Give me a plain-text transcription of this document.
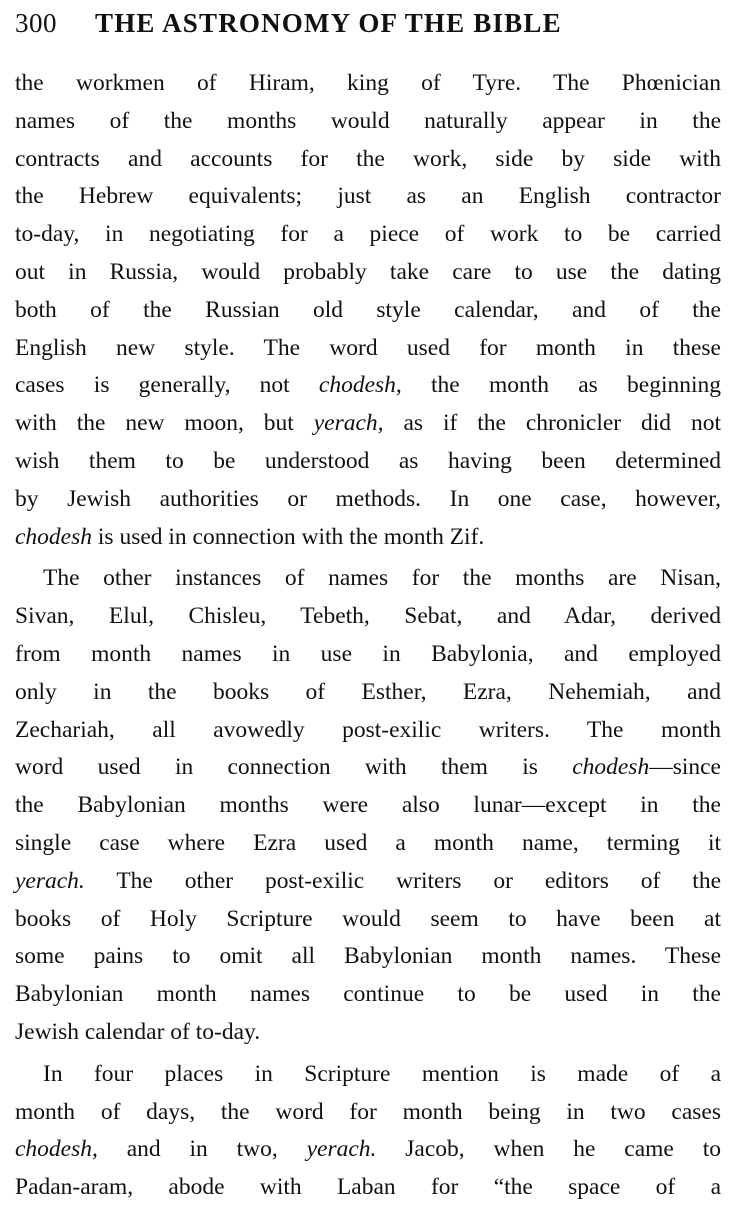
300	THE ASTRONOMY OF THE BIBLE
the workmen of Hiram, king of Tyre. The Phœnician
names of the months would naturally appear in the
contracts and accounts for the work, side by side with
the Hebrew equivalents; just as an English contractor
to-day, in negotiating for a piece of work to be carried
out in Russia, would probably take care to use the dating
both of the Russian old style calendar, and of the
English new style. The word used for month in these
cases is generally, not chodesh, the month as beginning
with the new moon, but yerach, as if the chronicler did not
wish them to be understood as having been determined
by Jewish authorities or methods. In one case, however,
chodesh is used in connection with the month Zif.
The other instances of names for the months are Nisan,
Sivan, Elul, Chisleu, Tebeth, Sebat, and Adar, derived
from month names in use in Babylonia, and employed
only in the books of Esther, Ezra, Nehemiah, and
Zechariah, all avowedly post-exilic writers. The month
word used in connection with them is chodesh—since
the Babylonian months were also lunar—except in the
single case where Ezra used a month name, terming it
yerach. The other post-exilic writers or editors of the
books of Holy Scripture would seem to have been at
some pains to omit all Babylonian month names. These
Babylonian month names continue to be used in the
Jewish calendar of to-day.
In four places in Scripture mention is made of a
month of days, the word for month being in two cases
chodesh, and in two, yerach. Jacob, when he came to
Padan-aram, abode with Laban for “the space of a
